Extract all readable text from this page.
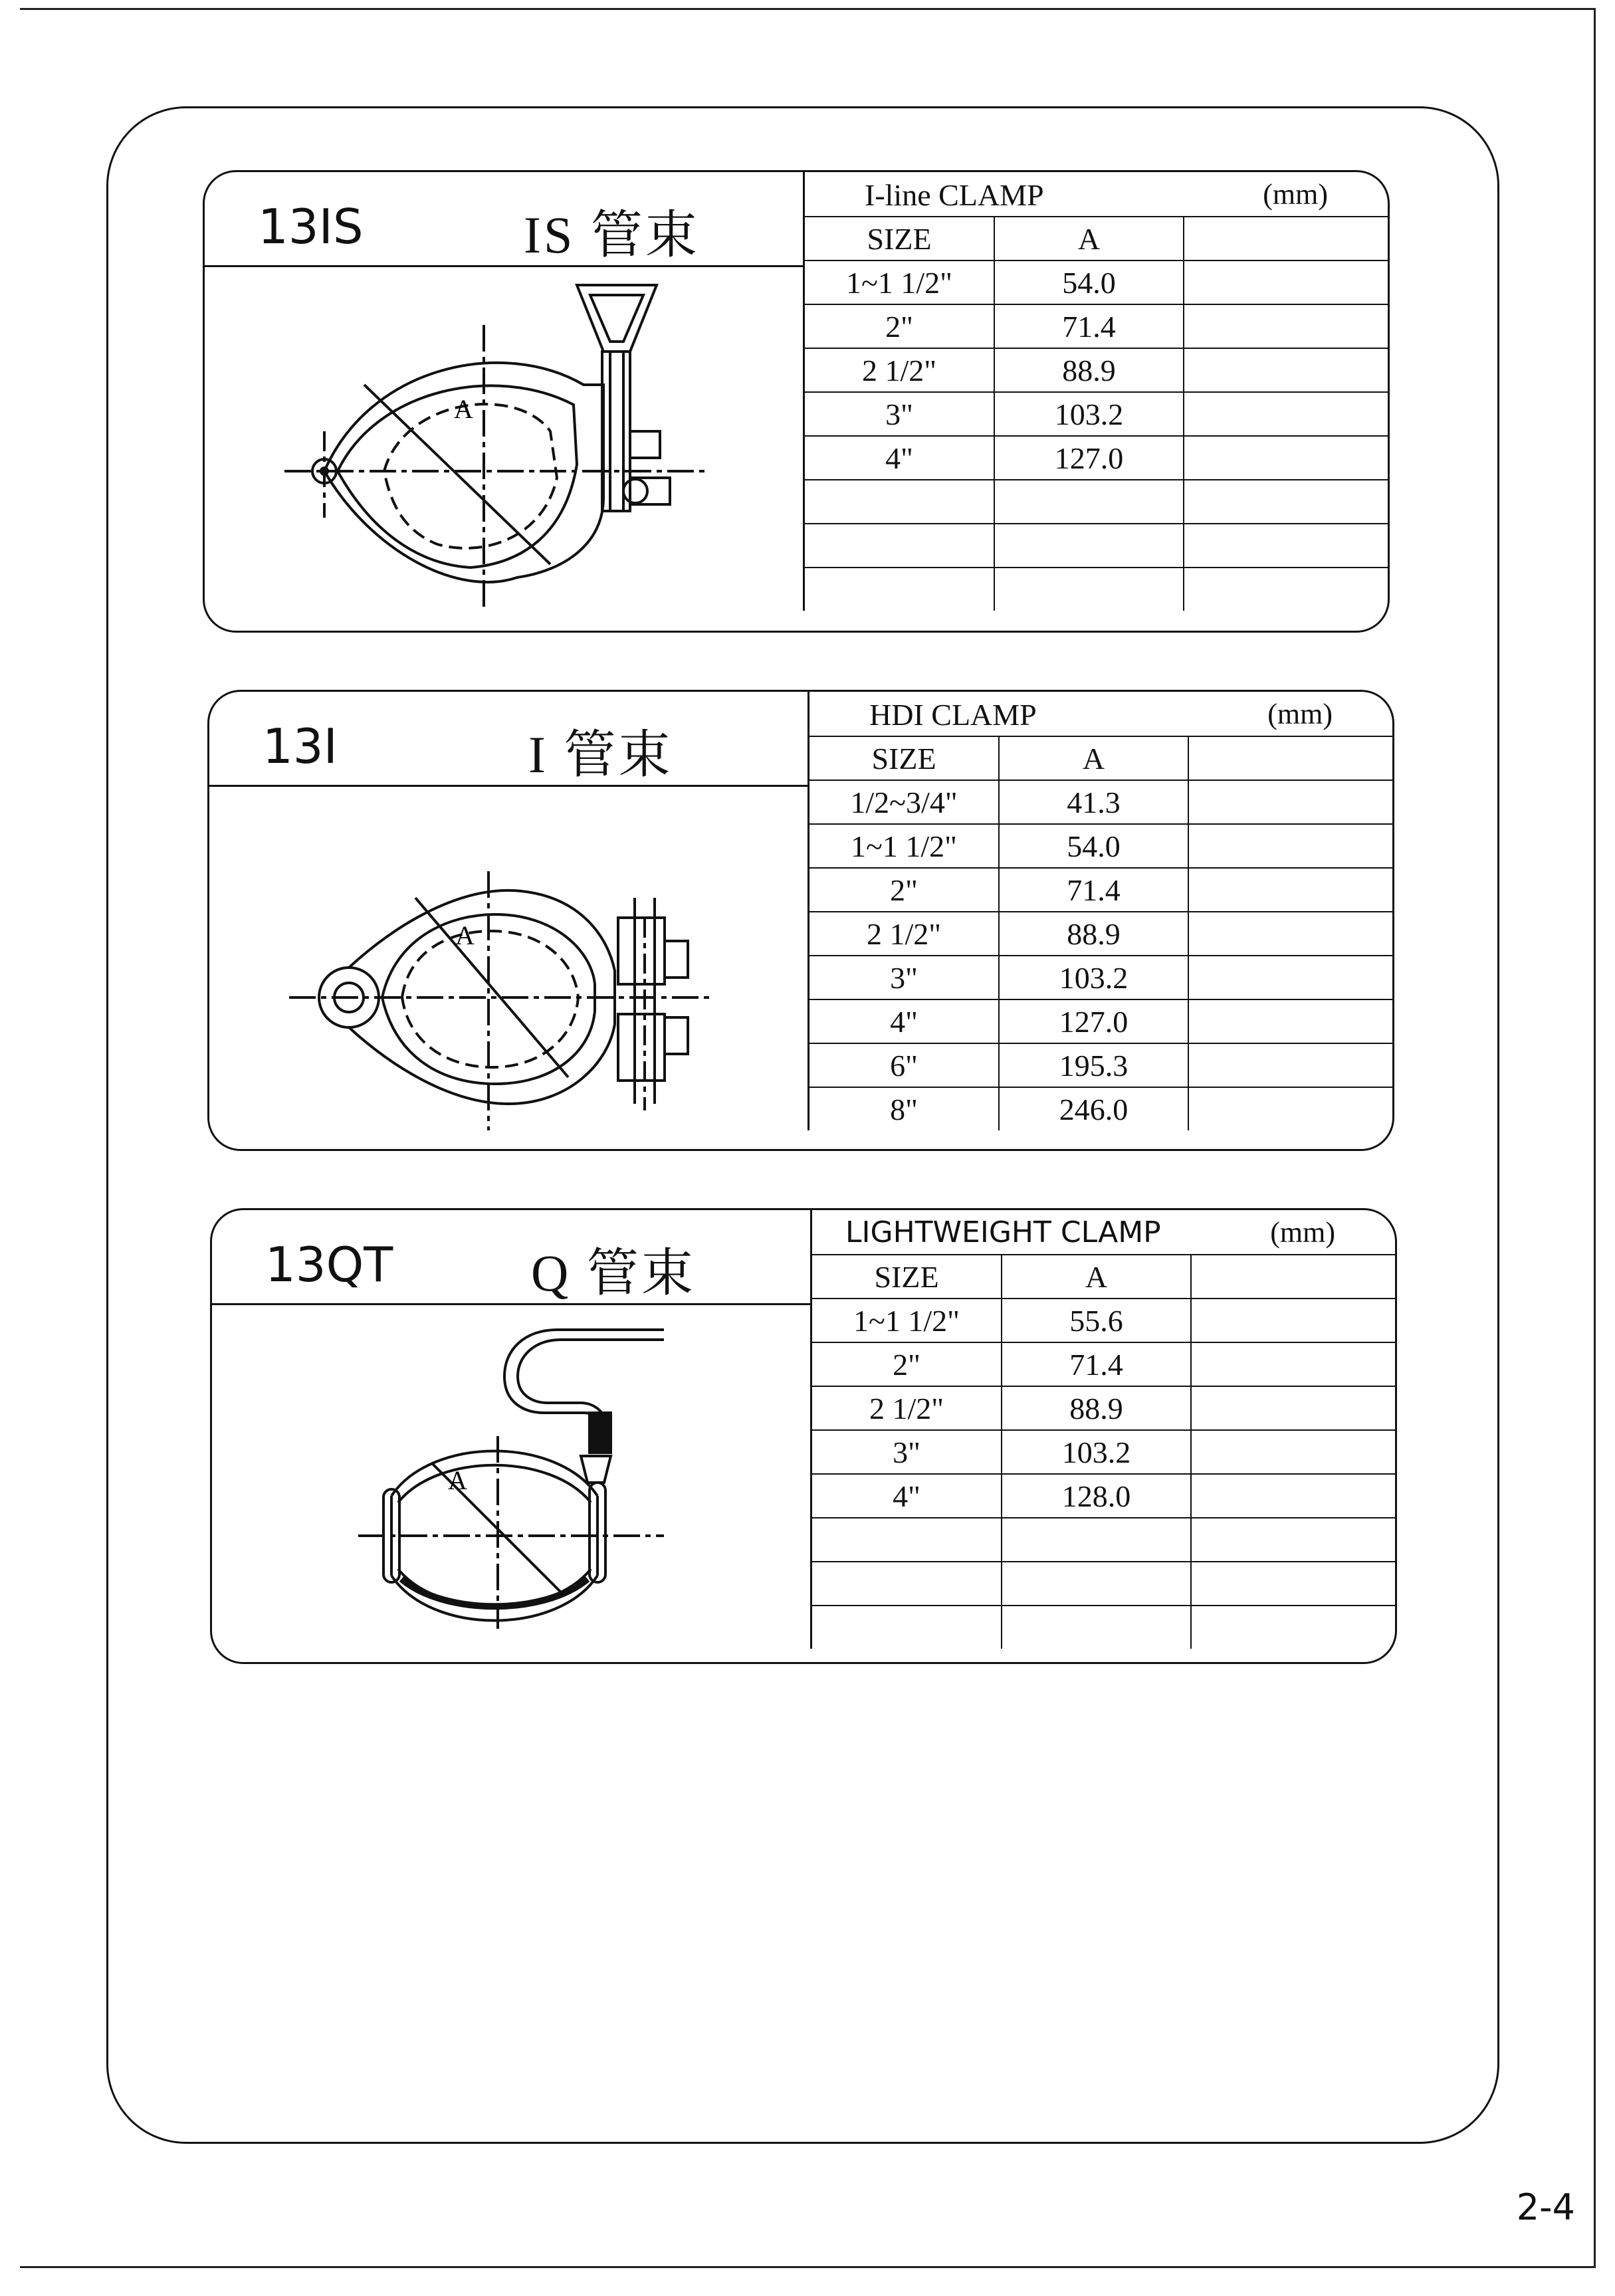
13IS	IS 管束
A
I-line CLAMP (mm)		

SIZE	A	
1~1 1/2"	54.0	
2"	71.4	
2 1/2"	88.9	
3"	103.2	
4"	127.0	

13I	I 管束
A
HDI CLAMP (mm)		

SIZE	A	
1/2~3/4"	41.3	
1~1 1/2"	54.0	
2"	71.4	
2 1/2"	88.9	
3"	103.2	
4"	127.0	
6"	195.3	
8"	246.0	
13QT	Q 管束
A
LIGHTWEIGHT CLAMP (mm)		

SIZE	A	
1~1 1/2"	55.6	
2"	71.4	
2 1/2"	88.9	
3"	103.2	
4"	128.0	

2-4
